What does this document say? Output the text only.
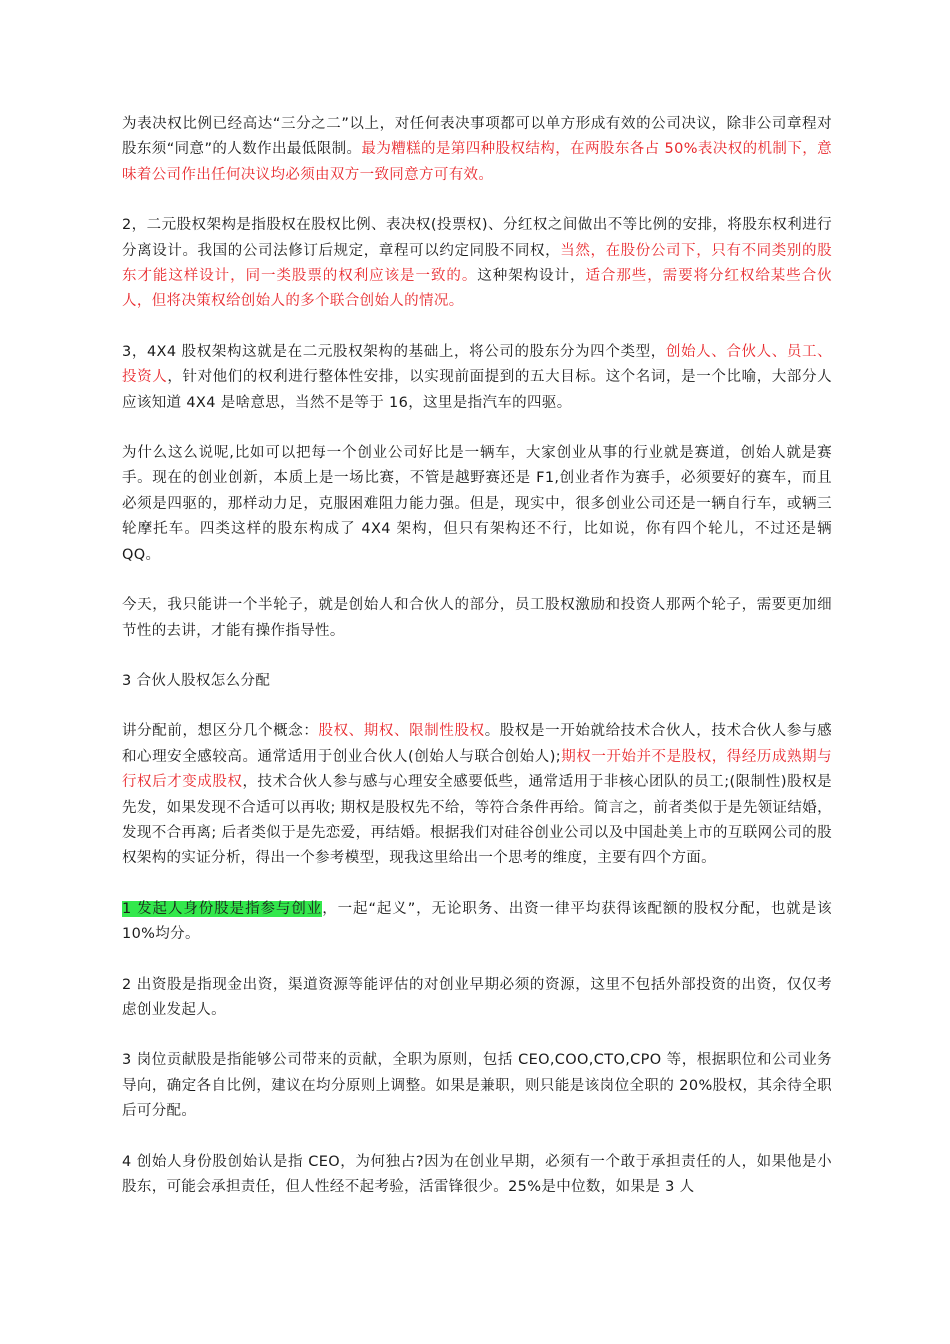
为表决权比例已经高达“三分之二”以上，对任何表决事项都可以单方形成有效的公司决议，除非公司章程对股东须“同意”的人数作出最低限制。最为糟糕的是第四种股权结构，在两股东各占 50%表决权的机制下，意味着公司作出任何决议均必须由双方一致同意方可有效。

2，二元股权架构是指股权在股权比例、表决权(投票权)、分红权之间做出不等比例的安排，将股东权利进行分离设计。我国的公司法修订后规定，章程可以约定同股不同权，当然，在股份公司下，只有不同类别的股东才能这样设计，同一类股票的权利应该是一致的。这种架构设计，适合那些，需要将分红权给某些合伙人，但将决策权给创始人的多个联合创始人的情况。

3，4X4 股权架构这就是在二元股权架构的基础上，将公司的股东分为四个类型，创始人、合伙人、员工、投资人，针对他们的权利进行整体性安排，以实现前面提到的五大目标。这个名词，是一个比喻，大部分人应该知道 4X4 是啥意思，当然不是等于 16，这里是指汽车的四驱。

为什么这么说呢,比如可以把每一个创业公司好比是一辆车，大家创业从事的行业就是赛道，创始人就是赛手。现在的创业创新，本质上是一场比赛，不管是越野赛还是 F1,创业者作为赛手，必须要好的赛车，而且必须是四驱的，那样动力足，克服困难阻力能力强。但是，现实中，很多创业公司还是一辆自行车，或辆三轮摩托车。四类这样的股东构成了 4X4 架构，但只有架构还不行，比如说，你有四个轮儿，不过还是辆 QQ。

今天，我只能讲一个半轮子，就是创始人和合伙人的部分，员工股权激励和投资人那两个轮子，需要更加细节性的去讲，才能有操作指导性。

3 合伙人股权怎么分配

讲分配前，想区分几个概念：股权、期权、限制性股权。股权是一开始就给技术合伙人，技术合伙人参与感和心理安全感较高。通常适用于创业合伙人(创始人与联合创始人);期权一开始并不是股权，得经历成熟期与行权后才变成股权，技术合伙人参与感与心理安全感要低些，通常适用于非核心团队的员工;(限制性)股权是先发，如果发现不合适可以再收; 期权是股权先不给，等符合条件再给。简言之，前者类似于是先领证结婚，发现不合再离; 后者类似于是先恋爱，再结婚。根据我们对硅谷创业公司以及中国赴美上市的互联网公司的股权架构的实证分析，得出一个参考模型，现我这里给出一个思考的维度，主要有四个方面。

1 发起人身份股是指参与创业，一起“起义”，无论职务、出资一律平均获得该配额的股权分配，也就是该 10%均分。

2 出资股是指现金出资，渠道资源等能评估的对创业早期必须的资源，这里不包括外部投资的出资，仅仅考虑创业发起人。

3 岗位贡献股是指能够公司带来的贡献，全职为原则，包括 CEO,COO,CTO,CPO 等，根据职位和公司业务导向，确定各自比例，建议在均分原则上调整。如果是兼职，则只能是该岗位全职的 20%股权，其余待全职后可分配。

4 创始人身份股创始认是指 CEO，为何独占?因为在创业早期，必须有一个敢于承担责任的人，如果他是小股东，可能会承担责任，但人性经不起考验，活雷锋很少。25%是中位数，如果是 3 人
